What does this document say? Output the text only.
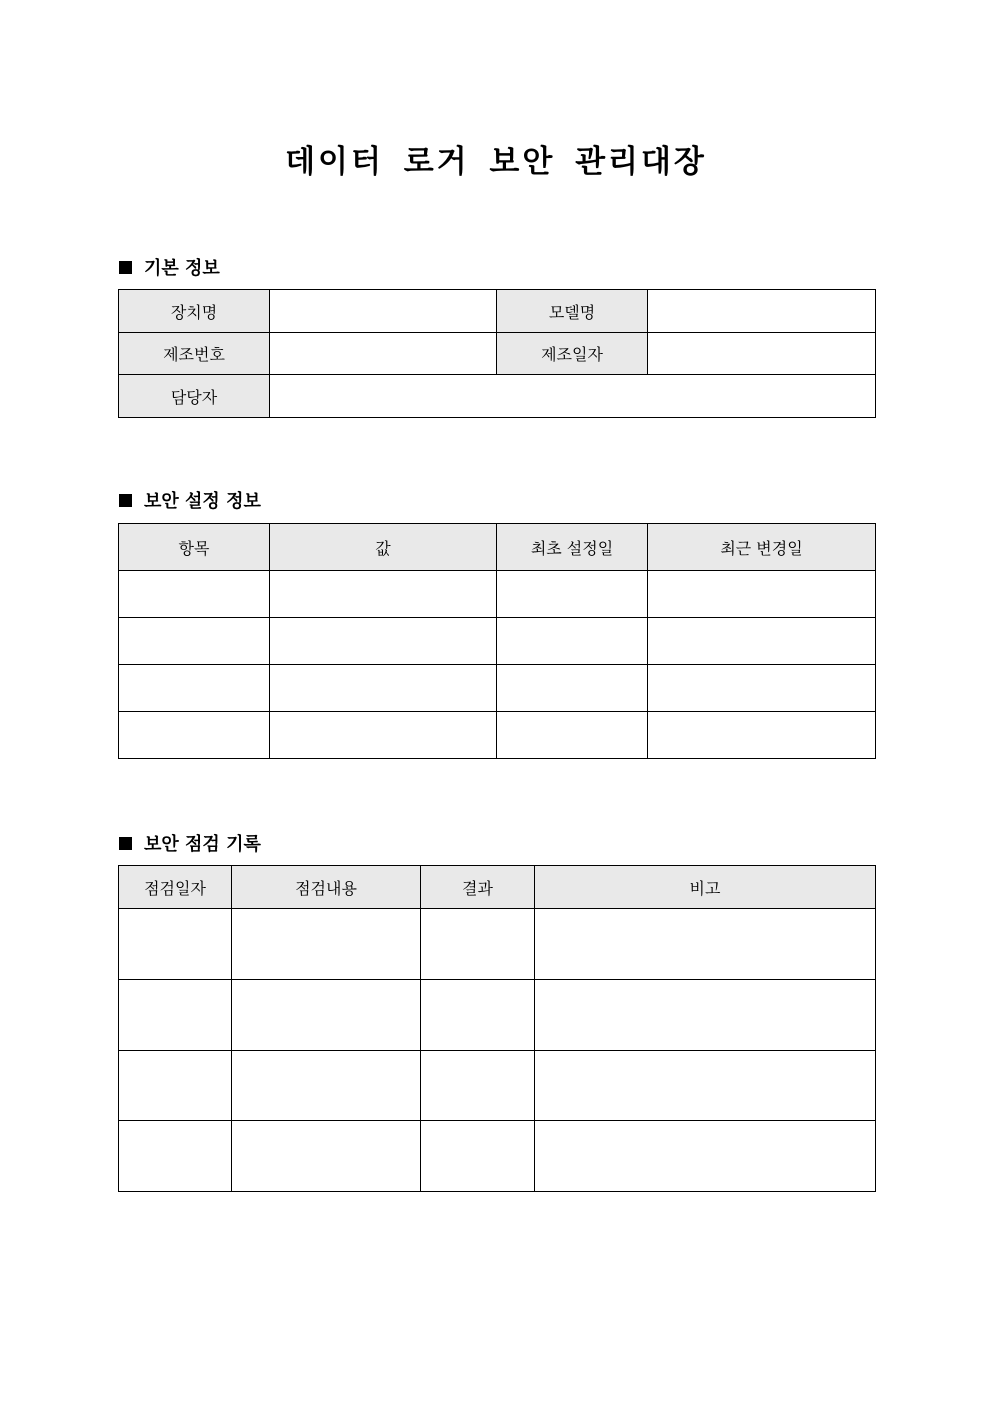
데이터 로거 보안 관리대장
기본 정보
장치명		모델명	
제조번호		제조일자	
담당자			
보안 설정 정보
항목	값	최초 설정일	최근 변경일

보안 점검 기록
점검일자	점검내용	결과	비고
